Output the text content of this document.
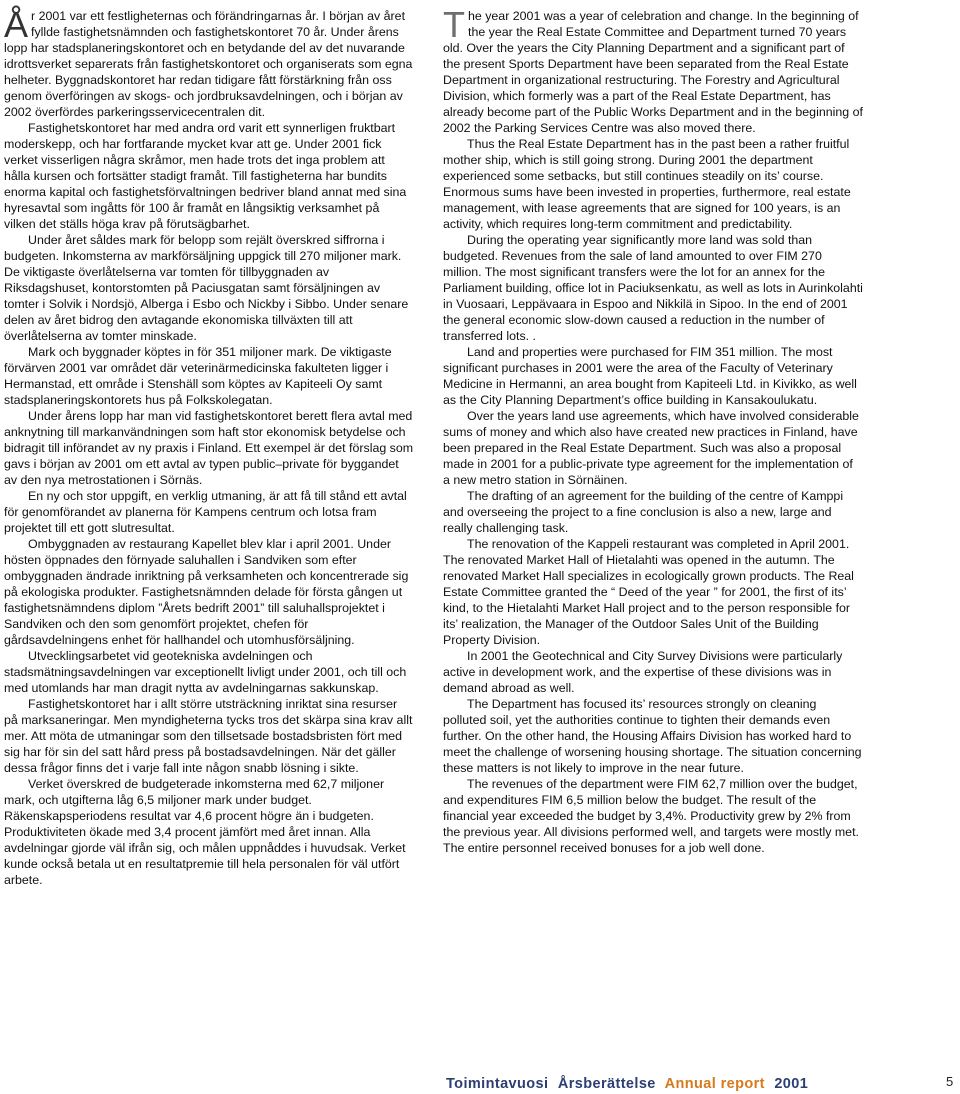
År 2001 var ett festligheternas och förändringarnas år. I början av året fyllde fastighetsnämnden och fastighetskontoret 70 år. Under årens lopp har stadsplaneringskontoret och en betydande del av det nuvarande idrottsverket separerats från fastighetskontoret och organiserats som egna helheter. Byggnadskontoret har redan tidigare fått förstärkning från oss genom överföringen av skogs- och jordbruksavdelningen, och i början av 2002 överfördes parkeringsservicecentralen dit.

Fastighetskontoret har med andra ord varit ett synnerligen fruktbart moderskepp, och har fortfarande mycket kvar att ge. Under 2001 fick verket visserligen några skråmor, men hade trots det inga problem att hålla kursen och fortsätter stadigt framåt. Till fastigheterna har bundits enorma kapital och fastighetsförvaltningen bedriver bland annat med sina hyresavtal som ingåtts för 100 år framåt en långsiktig verksamhet på vilken det ställs höga krav på förutsägbarhet.

Under året såldes mark för belopp som rejält överskred siffrorna i budgeten. Inkomsterna av markförsäljning uppgick till 270 miljoner mark. De viktigaste överlåtelserna var tomten för tillbyggnaden av Riksdagshuset, kontorstomten på Paciusgatan samt försäljningen av tomter i Solvik i Nordsjö, Alberga i Esbo och Nickby i Sibbo. Under senare delen av året bidrog den avtagande ekonomiska tillväxten till att överlåtelserna av tomter minskade.

Mark och byggnader köptes in för 351 miljoner mark. De viktigaste förvärven 2001 var området där veterinärmedicinska fakulteten ligger i Hermanstad, ett område i Stenshäll som köptes av Kapiteeli Oy samt stadsplaneringskontorets hus på Folkskolegatan.

Under årens lopp har man vid fastighetskontoret berett flera avtal med anknytning till markanvändningen som haft stor ekonomisk betydelse och bidragit till införandet av ny praxis i Finland. Ett exempel är det förslag som gavs i början av 2001 om ett avtal av typen public–private för byggandet av den nya metrostationen i Sörnäs.

En ny och stor uppgift, en verklig utmaning, är att få till stånd ett avtal för genomförandet av planerna för Kampens centrum och lotsa fram projektet till ett gott slutresultat.

Ombyggnaden av restaurang Kapellet blev klar i april 2001. Under hösten öppnades den förnyade saluhallen i Sandviken som efter ombyggnaden ändrade inriktning på verksamheten och koncentrerade sig på ekologiska produkter. Fastighetsnämnden delade för första gången ut fastighetsnämndens diplom ”Årets bedrift 2001” till saluhallsprojektet i Sandviken och den som genomfört projektet, chefen för gårdsavdelningens enhet för hallhandel och utomhusförsäljning.

Utvecklingsarbetet vid geotekniska avdelningen och stadsmätningsavdelningen var exceptionellt livligt under 2001, och till och med utomlands har man dragit nytta av avdelningarnas sakkunskap.

Fastighetskontoret har i allt större utsträckning inriktat sina resurser på marksaneringar. Men myndigheterna tycks tros det skärpa sina krav allt mer. Att möta de utmaningar som den tillsetsade bostadsbristen fört med sig har för sin del satt hård press på bostadsavdelningen. När det gäller dessa frågor finns det i varje fall inte någon snabb lösning i sikte.

Verket överskred de budgeterade inkomsterna med 62,7 miljoner mark, och utgifterna låg 6,5 miljoner mark under budget. Räkenskapsperiodens resultat var 4,6 procent högre än i budgeten. Produktiviteten ökade med 3,4 procent jämfört med året innan. Alla avdelningar gjorde väl ifrån sig, och målen uppnåddes i huvudsak. Verket kunde också betala ut en resultatpremie till hela personalen för väl utfört arbete.

The year 2001 was a year of celebration and change. In the beginning of the year the Real Estate Committee and Department turned 70 years old. Over the years the City Planning Department and a significant part of the present Sports Department have been separated from the Real Estate Department in organizational restructuring. The Forestry and Agricultural Division, which formerly was a part of the Real Estate Department, has already become part of the Public Works Department and in the beginning of 2002 the Parking Services Centre was also moved there.

Thus the Real Estate Department has in the past been a rather fruitful mother ship, which is still going strong. During 2001 the department experienced some setbacks, but still continues steadily on its’ course. Enormous sums have been invested in properties, furthermore, real estate management, with lease agreements that are signed for 100 years, is an activity, which requires long-term commitment and predictability.

During the operating year significantly more land was sold than budgeted. Revenues from the sale of land amounted to over FIM 270 million. The most significant transfers were the lot for an annex for the Parliament building, office lot in Paciuksenkatu, as well as lots in Aurinkolahti in Vuosaari, Leppävaara in Espoo and Nikkilä in Sipoo. In the end of 2001 the general economic slow-down caused a reduction in the number of transferred lots. .

Land and properties were purchased for FIM 351 million. The most significant purchases in 2001 were the area of the Faculty of Veterinary Medicine in Hermanni, an area bought from Kapiteeli Ltd. in Kivikko, as well as the City Planning Department’s office building in Kansakoulukatu.

Over the years land use agreements, which have involved considerable sums of money and which also have created new practices in Finland, have been prepared in the Real Estate Department. Such was also a proposal made in 2001 for a public-private type agreement for the implementation of a new metro station in Sörnäinen.

The drafting of an agreement for the building of the centre of Kamppi and overseeing the project to a fine conclusion is also a new, large and really challenging task.

The renovation of the Kappeli restaurant was completed in April 2001. The renovated Market Hall of Hietalahti was opened in the autumn. The renovated Market Hall specializes in ecologically grown products. The Real Estate Committee granted the “ Deed of the year ” for 2001, the first of its’ kind, to the Hietalahti Market Hall project and to the person responsible for its’ realization, the Manager of the Outdoor Sales Unit of the Building Property Division.

In 2001 the Geotechnical and City Survey Divisions were particularly active in development work, and the expertise of these divisions was in demand abroad as well.

The Department has focused its’ resources strongly on cleaning polluted soil, yet the authorities continue to tighten their demands even further. On the other hand, the Housing Affairs Division has worked hard to meet the challenge of worsening housing shortage. The situation concerning these matters is not likely to improve in the near future.

The revenues of the department were FIM 62,7 million over the budget, and expenditures FIM 6,5 million below the budget. The result of the financial year exceeded the budget by 3,4%. Productivity grew by 2% from the previous year. All divisions performed well, and targets were mostly met. The entire personnel received bonuses for a job well done.

Toimintavuosi Årsberättelse Annual report 2001	5
